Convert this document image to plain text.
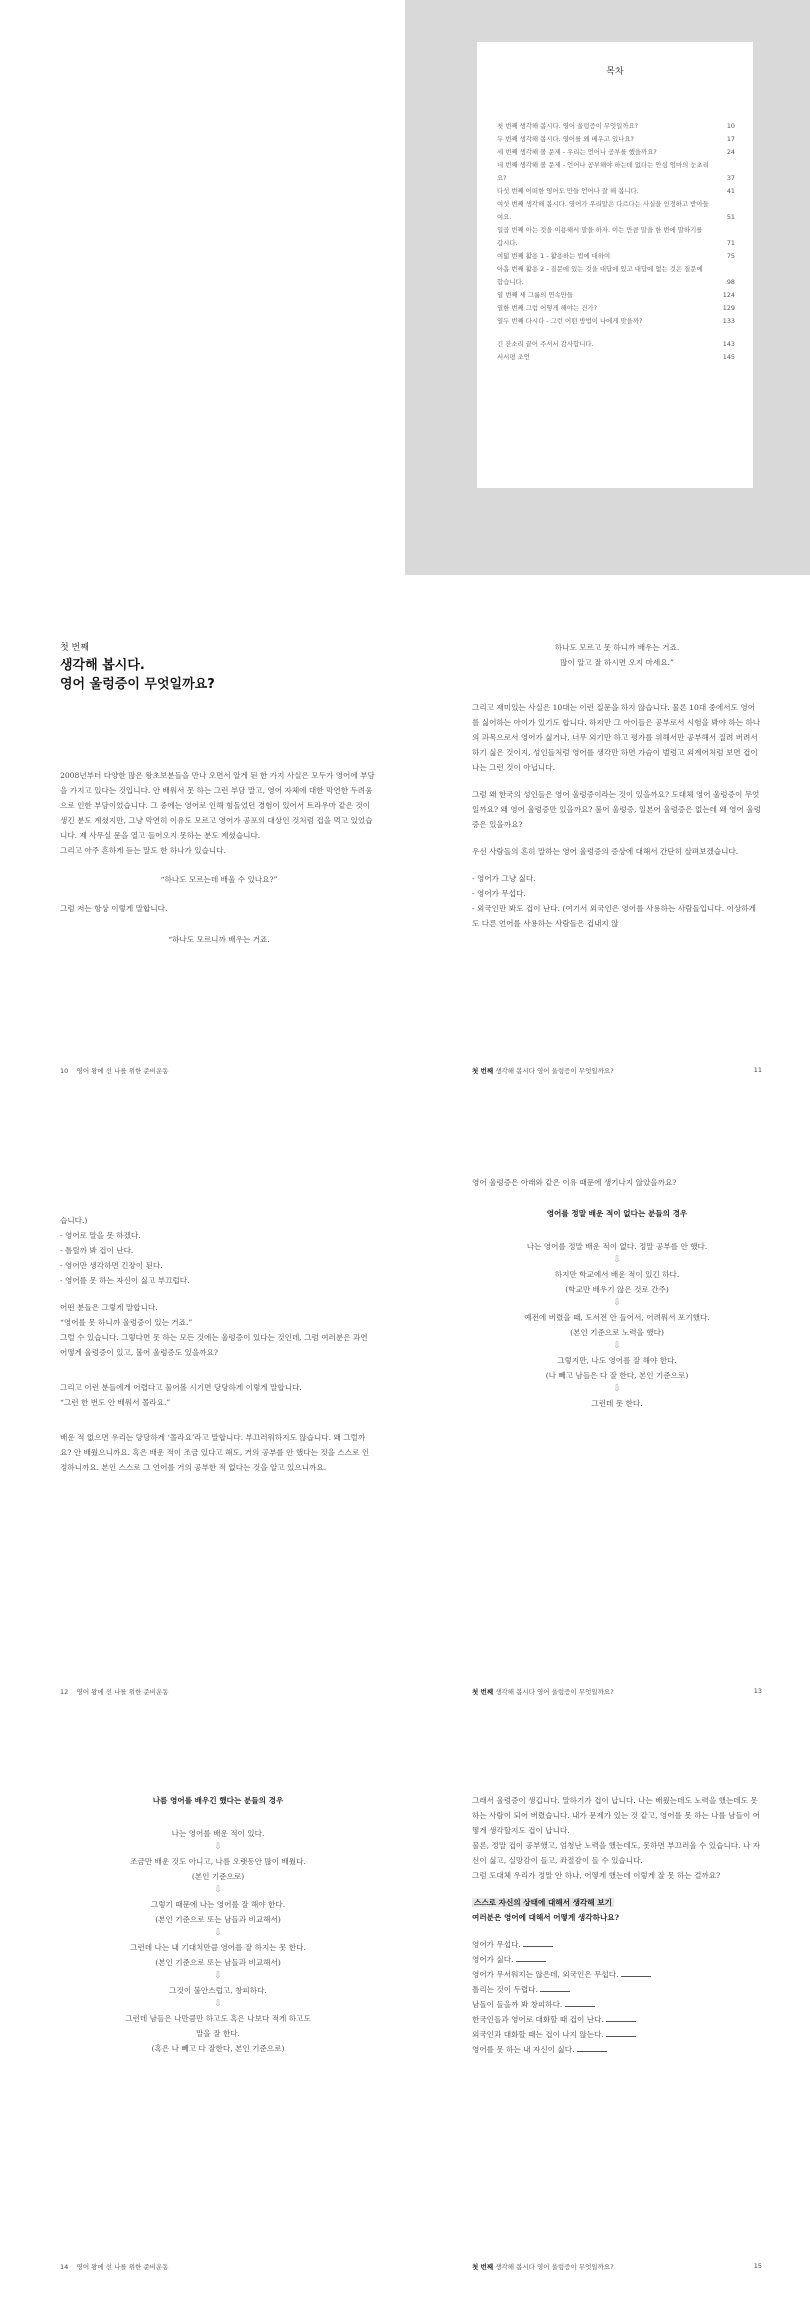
목차
첫 번째 생각해 봅시다. 영어 울렁증이 무엇일까요?	10
두 번째 생각해 봅시다. 영어를 왜 배우고 있나요?	17
세 번째 생각해 볼 문제 - 우리는 언어나 공부를 했을까요?	24
네 번째 생각해 볼 문제 - 언어나 공부해야 하는데 없다는 안심 엄마의 눈초리요?	37
다섯 번째 어떠한 영어도 만들 언어나 잘 해 봅니다.	41
여섯 번째 생각해 봅시다. 영어가 우리말은 다르다는 사실을 인정하고 받아들여요.	51
일곱 번째 아는 것을 이용해서 말을 하자. 이는 만큼 말을 한 번에 말하기를 갑시다.	71
여덟 번째 활용 1 - 활용하는 법에 대하여	75
아홉 번째 활용 2 - 질문에 있는 것을 대답에 있고 대답에 없는 것은 질문에 합습니다.	98
열 번째 세 그룹의 연속만들	124
열한 번째 그럼 어떻게 해야는 건가?	129
열두 번째 다시다 - 그런 어떤 방법이 나에게 맞을까?	133
긴 잔소리 끝어 주셔서 감사합니다.	143
서서평 조언	145
첫 번째
생각해 봅시다.
영어 울렁증이 무엇일까요?

2008년부터 다양한 많은 왕초보분들을 만나 오면서 알게 된 한 가지 사실은 모두가 영어에 부담을 가지고 있다는 것입니다. 안 배워서 못 하는 그런 부담 말고, 영어 자체에 대한 막연한 두려움으로 인한 부담이었습니다. 그 중에는 영어로 인해 힘들었던 경험이 있어서 트라우마 같은 것이 생긴 분도 계셨지만, 그냥 막연히 이유도 모르고 영어가 공포의 대상인 것처럼 겁을 먹고 있었습니다. 제 사무실 문을 열고 들어오지 못하는 분도 계셨습니다.

그리고 아주 흔하게 듣는 말도 한 하나가 있습니다.

“하나도 모르는데 배울 수 있나요?”

그럼 저는 항상 이렇게 말합니다.

“하나도 모르니까 배우는 거죠.

하나도 모르고 못 하니까 배우는 거죠.

많이 알고 잘 하시면 오지 마세요.”

그리고 재미있는 사실은 10대는 이런 질문을 하지 않습니다. 물론 10대 중에서도 영어를 싫어하는 아이가 있기도 합니다. 하지만 그 아이들은 공부로서 시험을 봐야 하는 하나의 과목으로서 영어가 싫거나, 너무 외기만 하고 평가를 위해서만 공부해서 질려 버려서 하기 싫은 것이지, 성인들처럼 영어를 생각만 하면 가슴이 벌렁고 외계어처럼 보면 겁이 나는 그런 것이 아닙니다.

그럼 왜 한국의 성인들은 영어 울렁증이라는 것이 있을까요? 도대체 영어 울렁증이 무엇일까요? 왜 영어 울렁증만 있을까요? 불어 울렁증, 일본어 울렁증은 없는데 왜 영어 울렁증은 있을까요?

우선 사람들의 흔히 말하는 영어 울렁증의 증상에 대해서 간단히 살펴보겠습니다.

- 영어가 그냥 싫다.

- 영어가 무섭다.

- 외국인만 봐도 겁이 난다. (여기서 외국인은 영어를 사용하는 사람들입니다. 이상하게도 다른 언어를 사용하는 사람들은 겁내지 않

10 영어 왕에 선 나를 위한 준비운동	첫 번째 생각해 봅시다 영어 울렁증이 무엇일까요?	11

습니다.)

- 영어로 말을 못 하겠다.

- 틀릴까 봐 겁이 난다.

- 영어만 생각하면 긴장이 된다.

- 영어를 못 하는 자신이 싫고 부끄럽다.

어떤 분들은 그렇게 말합니다.

“영어를 못 하니까 울렁증이 있는 거죠.”

그럴 수 있습니다. 그렇다면 못 하는 모든 것에는 울렁증이 있다는 것인데, 그럼 여러분은 과연 어떻게 울렁증이 있고, 불어 울렁증도 있을까요?

그리고 이런 분들에게 어렵다고 물어볼 시기면 당당하게 이렇게 말합니다.

“그런 한 번도 안 배워서 몰라요.”

배운 적 없으면 우리는 당당하게 ‘몰라요’라고 말합니다. 부끄러워하지도 않습니다. 왜 그럴까요? 안 배웠으니까요. 혹은 배운 적이 조금 있다고 해도, 거의 공부를 안 했다는 것을 스스로 인정하니까요. 본인 스스로 그 언어를 거의 공부한 적 없다는 것을 알고 있으니까요.

영어 울렁증은 아래와 같은 이유 때문에 생기나지 않았을까요?

영어를 정말 배운 적이 없다는 분들의 경우

나는 영어를 정말 배운 적이 없다. 정말 공부를 안 했다.

⇩

하지만 학교에서 배운 적이 있긴 하다.

(학교만 배우기 않은 것로 간주)

⇩

예전에 버렸을 때, 도서전 안 들어서, 어려워서 포기했다.

(본인 기준으로 노력을 했다)

⇩

그렇지만, 나도 영어를 잘 해야 한다.

(나 빼고 남들은 다 잘 한다, 본인 기준으로)

⇩

그런데 못 한다.

12 영어 왕에 선 나를 위한 준비운동	첫 번째 생각해 봅시다 영어 울렁증이 무엇일까요?	13

나름 영어를 배우긴 했다는 분들의 경우

나는 영어를 배운 적이 있다.

⇩

조금만 배운 것도 아니고, 나름 오랫동안 많이 배웠다.

(본인 기준으로)

⇩

그렇기 때문에 나는 영어를 잘 해야 한다.

(본인 기준으로 또는 남들과 비교해서)

⇩

그런데 나는 내 기대치만큼 영어를 잘 하지는 못 한다.

(본인 기준으로 또는 남들과 비교해서)

⇩

그것이 불안스럽고, 창피하다.

⇩

그런데 남들은 나만큼만 하고도 혹은 나보다 적게 하고도

말을 잘 한다.

(혹은 나 빼고 다 잘한다, 본인 기준으로)

그래서 울렁증이 생깁니다. 말하기가 겁이 납니다. 나는 배웠는데도 노력을 했는데도 못 하는 사람이 되어 버렸습니다. 내가 문제가 있는 것 같고, 영어를 못 하는 나를 남들이 어떻게 생각할지도 겁이 납니다.

물론, 정말 겁이 공부했고, 엄청난 노력을 했는데도, 못하면 부끄러울 수 있습니다. 나 자신이 싫고, 실망감이 들고, 좌절감이 들 수 있습니다.

그럼 도대체 우리가 정말 안 하나, 어떻게 했는데 이렇게 잘 못 하는 걸까요?

스스로 자신의 상태에 대해서 생각해 보기

여러분은 영어에 대해서 어떻게 생각하나요?

영어가 무섭다.

영어가 싫다.

영어가 무서워지는 않은데, 외국인은 무섭다.

틀리는 것이 두렵다.

남들이 들을까 봐 창피하다.

한국인들과 영어로 대화할 때 겁이 난다.

외국인과 대화할 때는 겁이 나지 않는다.

영어를 못 하는 내 자신이 싫다.

14 영어 왕에 선 나를 위한 준비운동	첫 번째 생각해 봅시다 영어 울렁증이 무엇일까요?	15
